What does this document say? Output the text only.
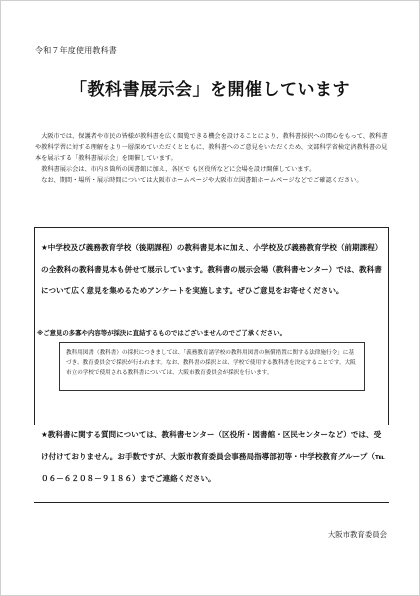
令和７年度使用教科書
「教科書展示会」を開催しています

大阪市では、保護者や市民の皆様が教科書を広く閲覧できる機会を設けることにより、教科書採択への関心をもって、教科書や教科学習に対する理解をより一層深めていただくとともに、教科書へのご意見をいただくため、文部科学省検定済教科書の見本を展示する「教科書展示会」を開催しています。

教科書展示会は、市内８箇所の図書館に加え、各区で も区役所などに会場を設け開催しています。

なお、期間・場所・展示時間については大阪市ホームページや大阪市立図書館ホームページなどでご確認ください。

★中学校及び義務教育学校（後期課程）の教科書見本に加え、小学校及び義務教育学校（前期課程）の全教科の教科書見本も併せて展示しています。教科書の展示会場（教科書センター）では、教科書について広く意見を集めるためアンケートを実施します。ぜひご意見をお寄せください。
※ご意見の多寡や内容等が採決に直結するものではございませんのでご了承ください。
教科用図書（教科書）の採択につきましては、「義務教育諸学校の教科用図書の無償措置に関する法律施行令」に基づき、教育委員会で採択が行われます。なお、教科書の採択とは、学校で使用する教科書を決定することです。大阪市立の学校で使用される教科書については、大阪市教育委員会が採択を行います。
★教科書に関する質問については、教科書センター（区役所・図書館・区民センターなど）では、受け付けておりません。お手数ですが、大阪市教育委員会事務局指導部初等・中学校教育グループ（℡０６－６２０８－９１８６）までご連絡ください。
大阪市教育委員会
